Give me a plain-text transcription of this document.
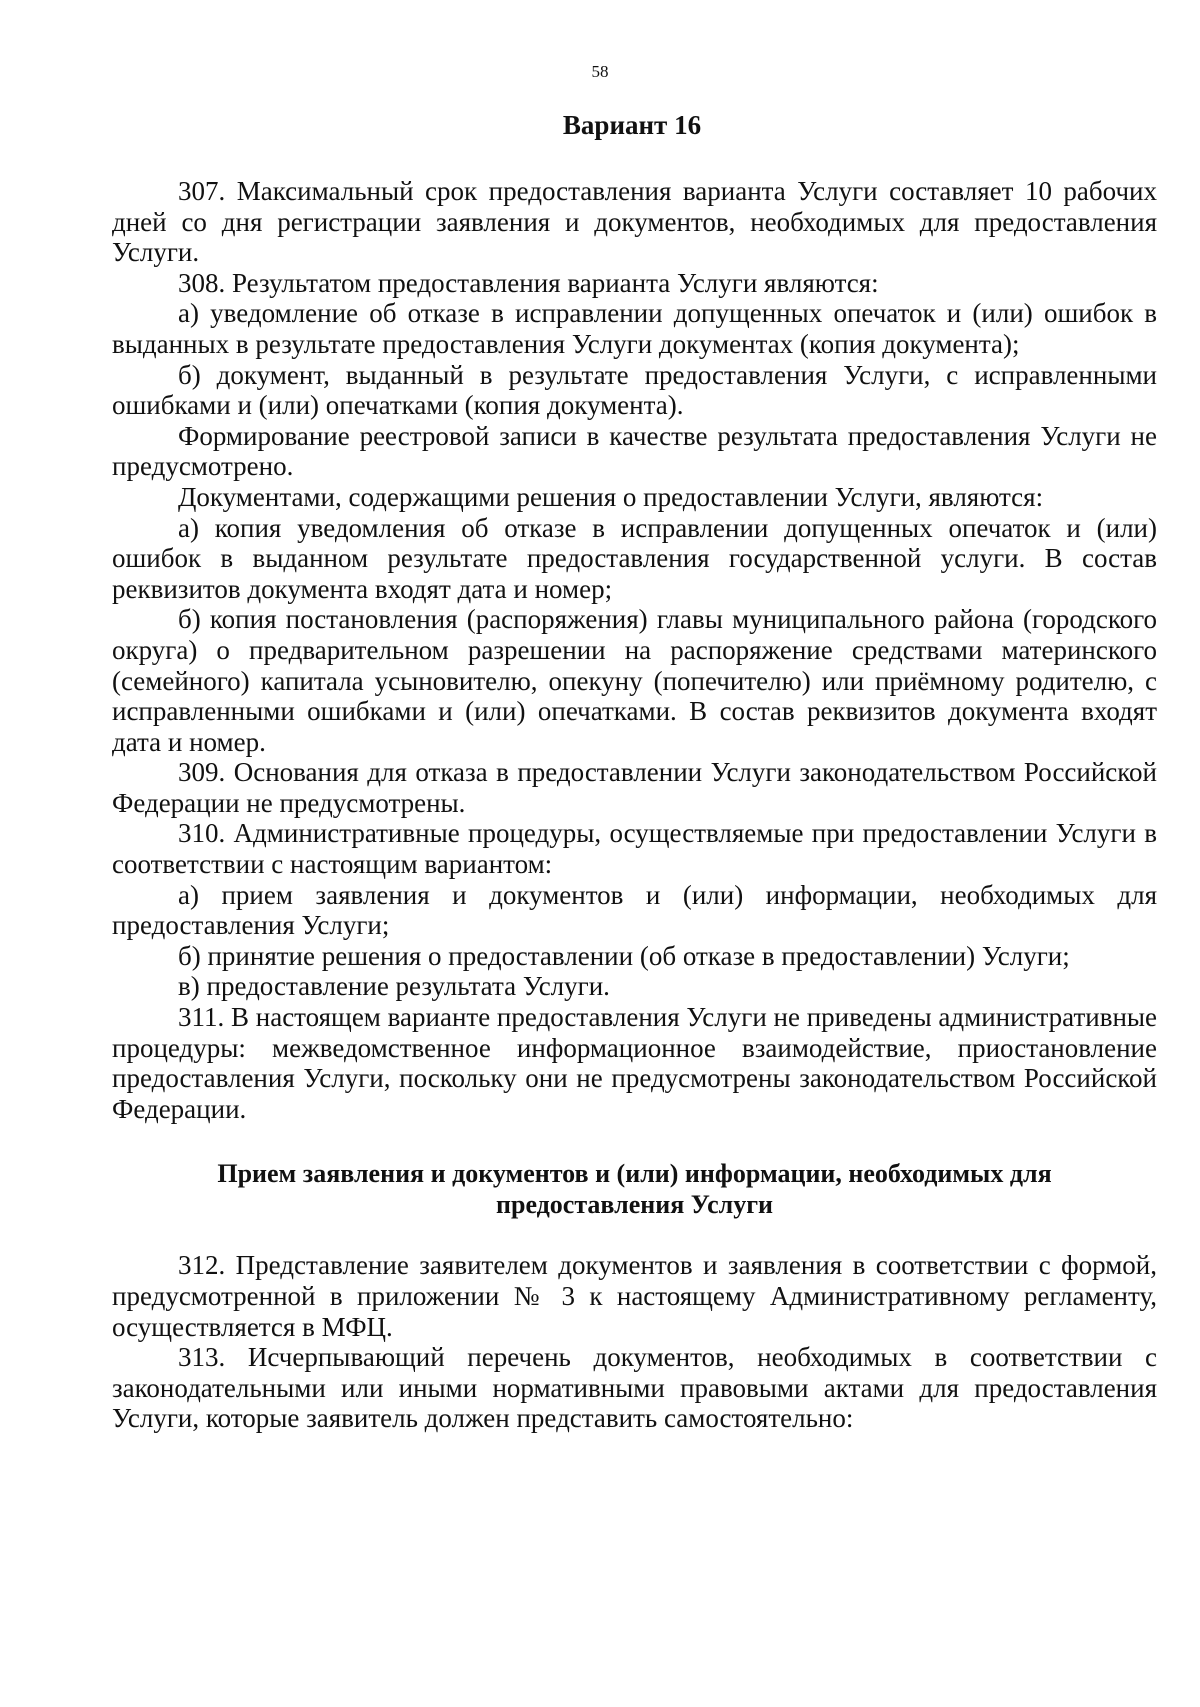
58
Вариант 16

307. Максимальный срок предоставления варианта Услуги составляет 10 рабочих дней со дня регистрации заявления и документов, необходимых для предоставления Услуги.

308. Результатом предоставления варианта Услуги являются:

а) уведомление об отказе в исправлении допущенных опечаток и (или) ошибок в выданных в результате предоставления Услуги документах (копия документа);

б) документ, выданный в результате предоставления Услуги, с исправленными ошибками и (или) опечатками (копия документа).

Формирование реестровой записи в качестве результата предоставления Услуги не предусмотрено.

Документами, содержащими решения о предоставлении Услуги, являются:

а) копия уведомления об отказе в исправлении допущенных опечаток и (или) ошибок в выданном результате предоставления государственной услуги. В состав реквизитов документа входят дата и номер;

б) копия постановления (распоряжения) главы муниципального района (городского округа) о предварительном разрешении на распоряжение средствами материнского (семейного) капитала усыновителю, опекуну (попечителю) или приёмному родителю, с исправленными ошибками и (или) опечатками. В состав реквизитов документа входят дата и номер.

309. Основания для отказа в предоставлении Услуги законодательством Российской Федерации не предусмотрены.

310. Административные процедуры, осуществляемые при предоставлении Услуги в соответствии с настоящим вариантом:

а) прием заявления и документов и (или) информации, необходимых для предоставления Услуги;

б) принятие решения о предоставлении (об отказе в предоставлении) Услуги;

в) предоставление результата Услуги.

311. В настоящем варианте предоставления Услуги не приведены административные процедуры: межведомственное информационное взаимодействие, приостановление предоставления Услуги, поскольку они не предусмотрены законодательством Российской Федерации.

Прием заявления и документов и (или) информации, необходимых для предоставления Услуги

312. Представление заявителем документов и заявления в соответствии с формой, предусмотренной в приложении № 3 к настоящему Административному регламенту, осуществляется в МФЦ.

313. Исчерпывающий перечень документов, необходимых в соответствии с законодательными или иными нормативными правовыми актами для предоставления Услуги, которые заявитель должен представить самостоятельно:
